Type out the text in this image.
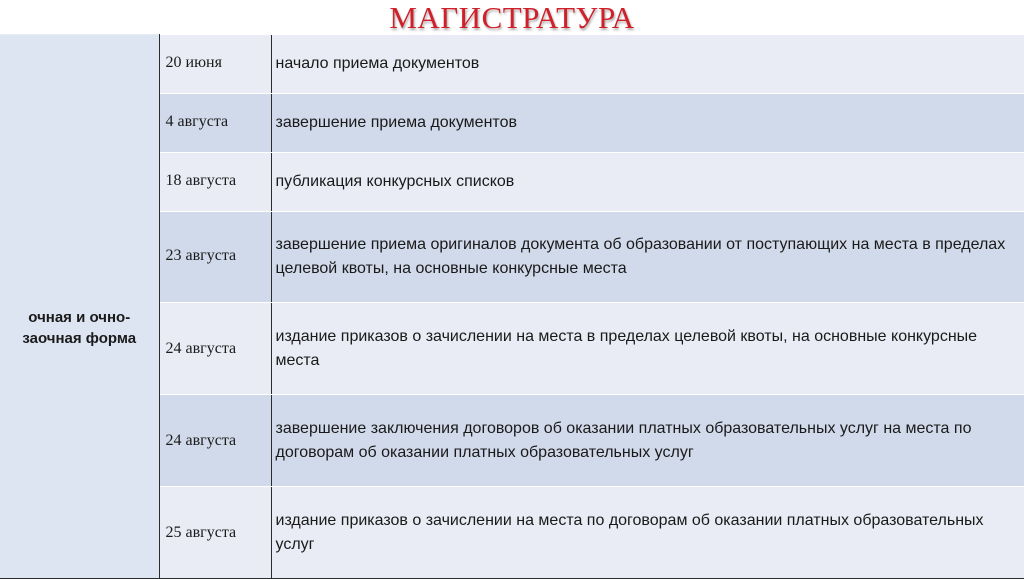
МАГИСТРАТУРА
очная и очно-заочная форма	20 июня	начало приема документов

	4 августа	завершение приема документов

	18 августа	публикация конкурсных списков

	23 августа	завершение приема оригиналов документа об образовании от поступающих на места в пределах целевой квоты, на основные конкурсные места

	24 августа	издание приказов о зачислении на места в пределах целевой квоты, на основные конкурсные места

	24 августа	завершение заключения договоров об оказании платных образовательных услуг на места по договорам об оказании платных образовательных услуг

	25 августа	издание приказов о зачислении на места по договорам об оказании платных образовательных услуг
